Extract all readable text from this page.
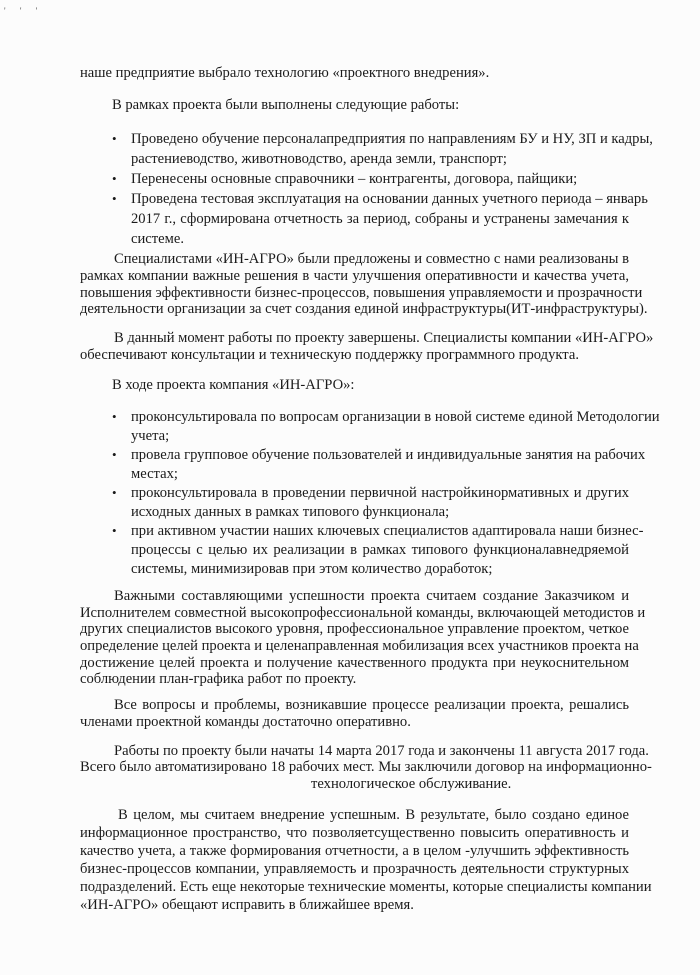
' ' '
наше предприятие выбрало технологию «проектного внедрения».
В рамках проекта были выполнены следующие работы:
• Проведено обучение персоналапредприятия по направлениям БУ и НУ, ЗП и кадры,
растениеводство, животноводство, аренда земли, транспорт;
• Перенесены основные справочники – контрагенты, договора, пайщики;
• Проведена тестовая эксплуатация на основании данных учетного периода – январь
2017 г., сформирована отчетность за период, собраны и устранены замечания к
системе.
Специалистами «ИН-АГРО» были предложены и совместно с нами реализованы в
рамках компании важные решения в части улучшения оперативности и качества учета,
повышения эффективности бизнес-процессов, повышения управляемости и прозрачности
деятельности организации за счет создания единой инфраструктуры(ИТ-инфраструктуры).
В данный момент работы по проекту завершены. Специалисты компании «ИН-АГРО»
обеспечивают консультации и техническую поддержку программного продукта.
В ходе проекта компания «ИН-АГРО»:
• проконсультировала по вопросам организации в новой системе единой Методологии
учета;
• провела групповое обучение пользователей и индивидуальные занятия на рабочих
местах;
• проконсультировала в проведении первичной настройкинормативных и других
исходных данных в рамках типового функционала;
• при активном участии наших ключевых специалистов адаптировала наши бизнес-
процессы с целью их реализации в рамках типового функционалавнедряемой
системы, минимизировав при этом количество доработок;
Важными составляющими успешности проекта считаем создание Заказчиком и
Исполнителем совместной высокопрофессиональной команды, включающей методистов и
других специалистов высокого уровня, профессиональное управление проектом, четкое
определение целей проекта и целенаправленная мобилизация всех участников проекта на
достижение целей проекта и получение качественного продукта при неукоснительном
соблюдении план-графика работ по проекту.
Все вопросы и проблемы, возникавшие процессе реализации проекта, решались
членами проектной команды достаточно оперативно.
Работы по проекту были начаты 14 марта 2017 года и закончены 11 августа 2017 года.
Всего было автоматизировано 18 рабочих мест. Мы заключили договор на информационно-
технологическое обслуживание.
В целом, мы считаем внедрение успешным. В результате, было создано единое
информационное пространство, что позволяетсущественно повысить оперативность и
качество учета, а также формирования отчетности, а в целом -улучшить эффективность
бизнес-процессов компании, управляемость и прозрачность деятельности структурных
подразделений. Есть еще некоторые технические моменты, которые специалисты компании
«ИН-АГРО» обещают исправить в ближайшее время.
